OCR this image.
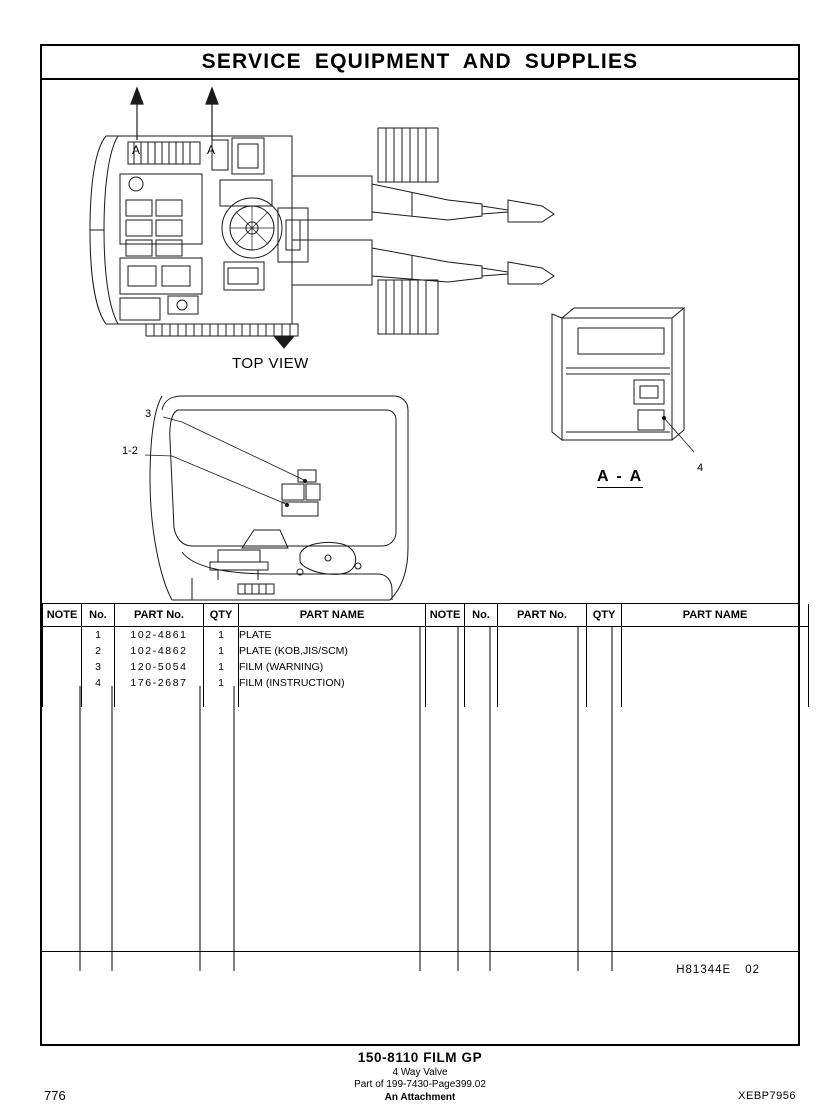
SERVICE EQUIPMENT AND SUPPLIES
A	A
TOP VIEW
A - A
3
1-2
4
NOTE	No.	PART No.	QTY	PART NAME	NOTE	No.	PART No.	QTY	PART NAME
	1	102-4861	1	PLATE					
	2	102-4862	1	PLATE (KOB,JIS/SCM)					
	3	120-5054	1	FILM (WARNING)					
	4	176-2687	1	FILM (INSTRUCTION)					

H81344E 02
150-8110 FILM GP
4 Way Valve
Part of 199-7430-Page399.02
An Attachment
776	XEBP7956
